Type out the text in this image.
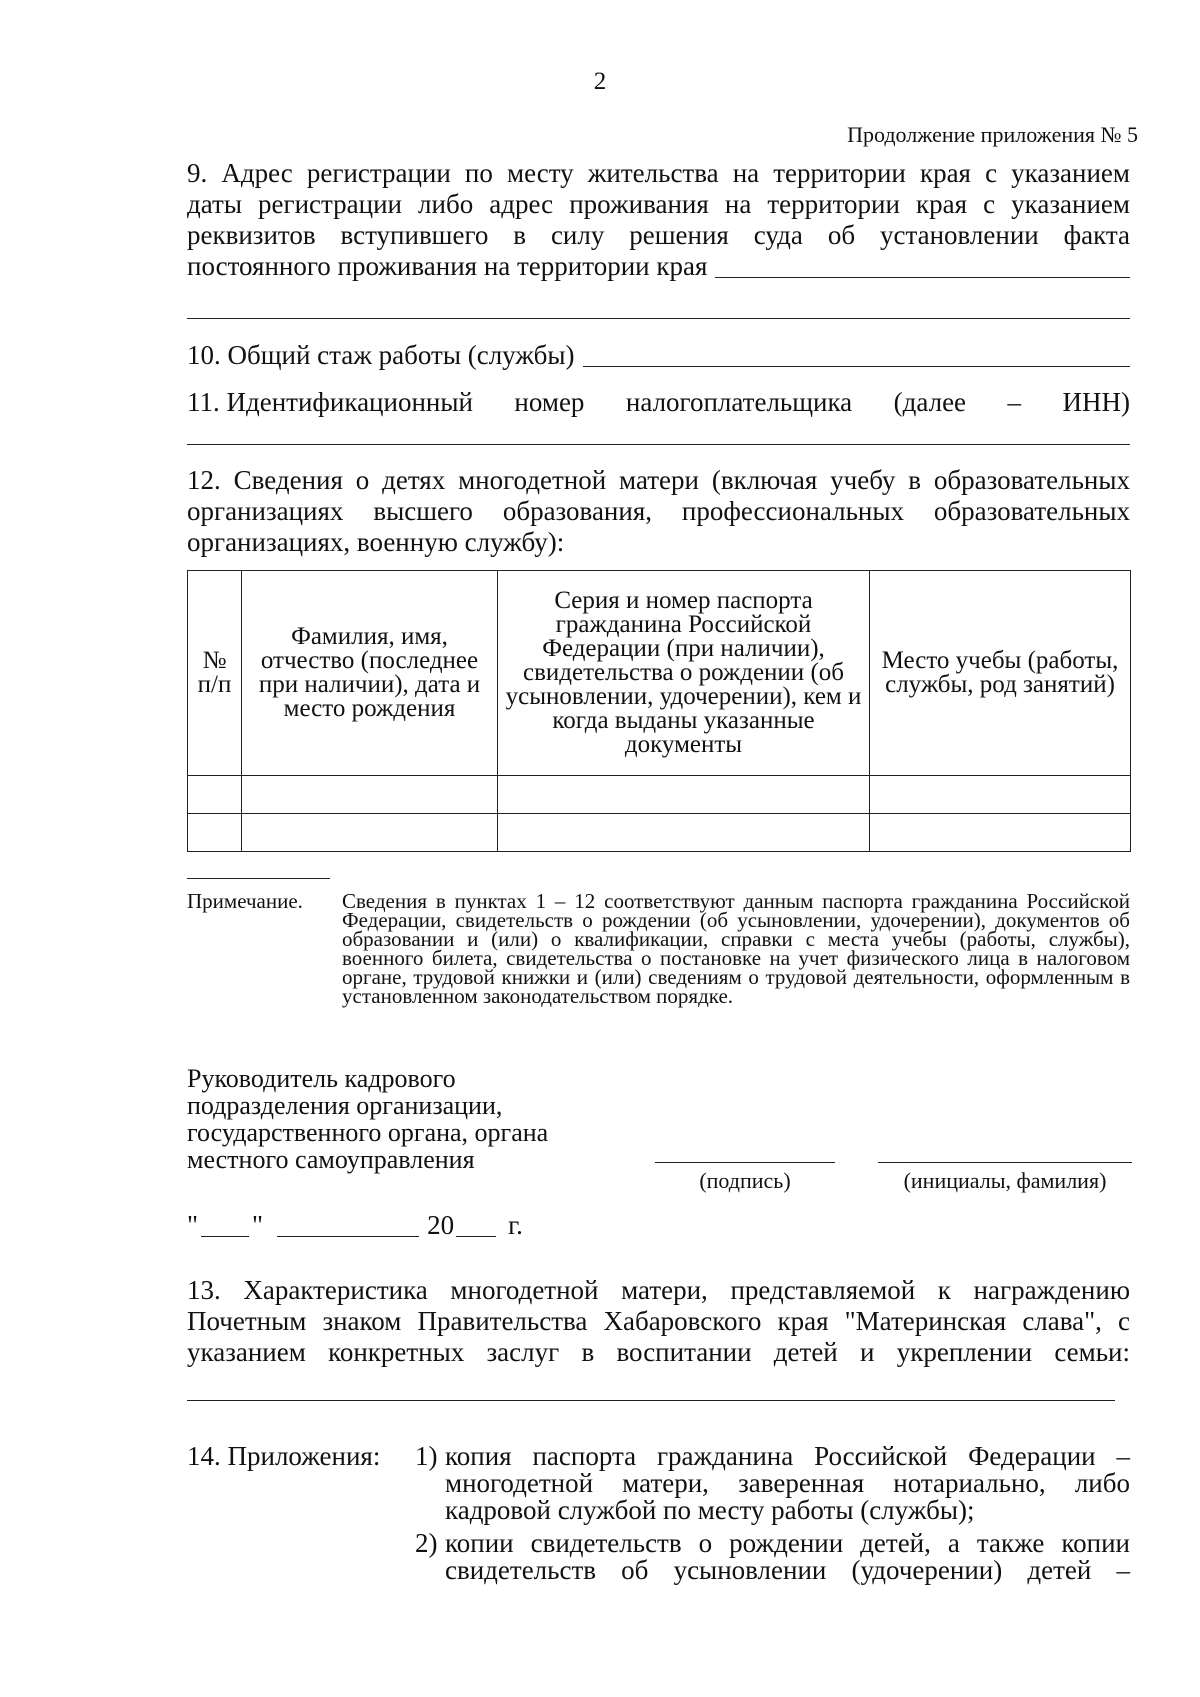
2
Продолжение приложения № 5
9. Адрес регистрации по месту жительства на территории края с указанием
даты регистрации либо адрес проживания на территории края с указанием
реквизитов вступившего в силу решения суда об установлении факта
постоянного проживания на территории края
10. Общий стаж работы (службы)
11. Идентификационный номер налогоплательщика (далее – ИНН)
12. Сведения о детях многодетной матери (включая учебу в образовательных
организациях высшего образования, профессиональных образовательных
организациях, военную службу):
№ п/п	Фамилия, имя, отчество (последнее при наличии), дата и место рождения	Серия и номер паспорта гражданина Российской Федерации (при наличии), свидетельства о рождении (об усыновлении, удочерении), кем и когда выданы указанные документы	Место учебы (работы, службы, род занятий)

Примечание. Сведения в пунктах 1 – 12 соответствуют данным паспорта гражданина Российской Федерации, свидетельств о рождении (об усыновлении, удочерении), документов об образовании и (или) о квалификации, справки с места учебы (работы, службы), военного билета, свидетельства о постановке на учет физического лица в налоговом органе, трудовой книжки и (или) сведениям о трудовой деятельности, оформленным в установленном законодательством порядке.
Руководитель кадрового
подразделения организации,
государственного органа, органа
местного самоуправления
(подпись)	(инициалы, фамилия)
" "	20 г.
13. Характеристика многодетной матери, представляемой к награждению
Почетным знаком Правительства Хабаровского края "Материнская слава", с
указанием конкретных заслуг в воспитании детей и укреплении семьи:
14. Приложения: 1) копия паспорта гражданина Российской Федерации –
многодетной матери, заверенная нотариально, либо
кадровой службой по месту работы (службы);
2) копии свидетельств о рождении детей, а также копии
свидетельств об усыновлении (удочерении) детей –
